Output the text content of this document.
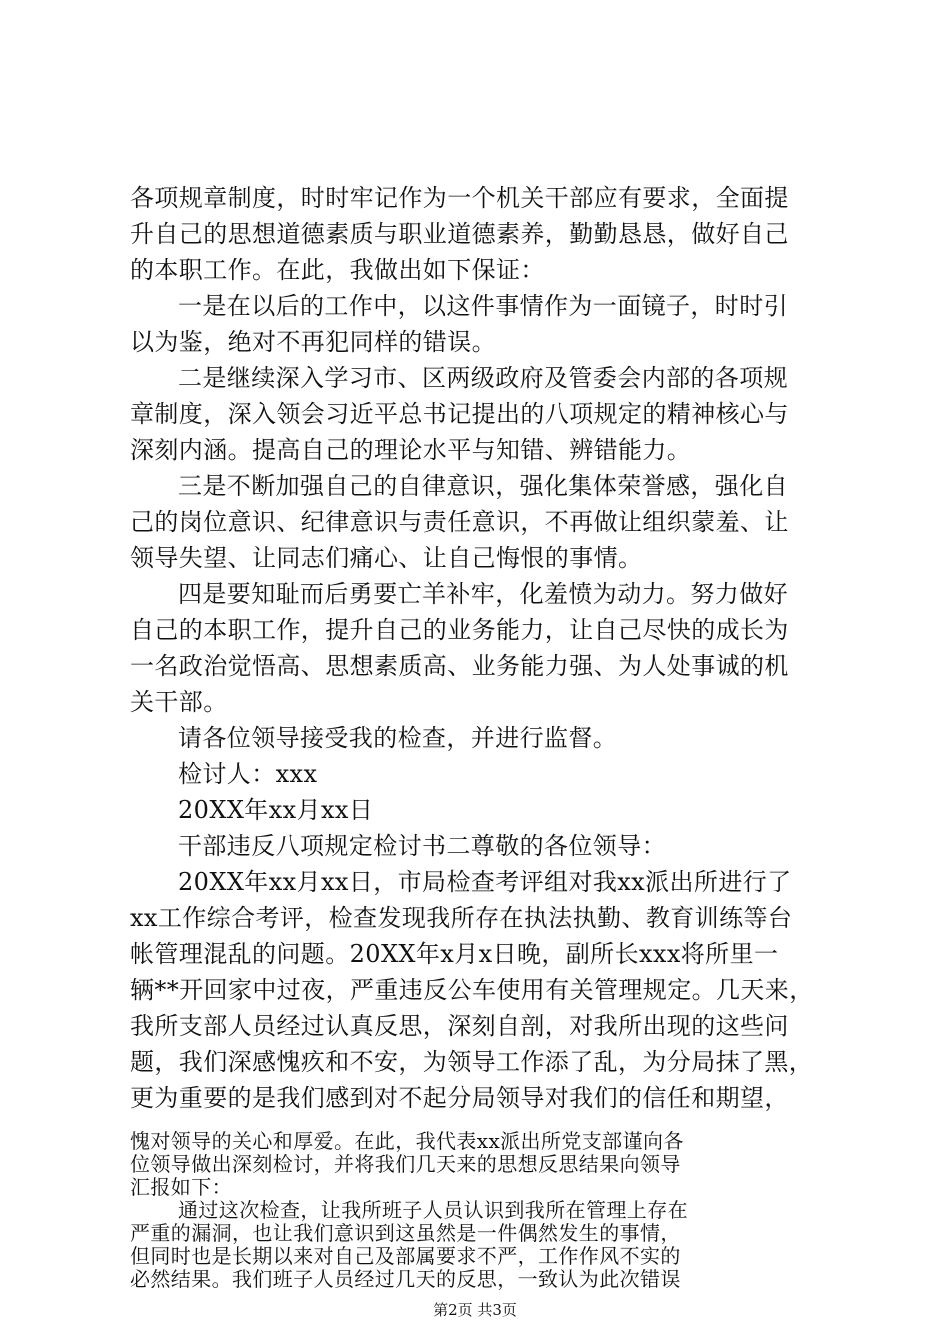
各项规章制度，时时牢记作为一个机关干部应有要求，全面提
升自己的思想道德素质与职业道德素养，勤勤恳恳，做好自己
的本职工作。在此，我做出如下保证：
一是在以后的工作中，以这件事情作为一面镜子，时时引
以为鉴，绝对不再犯同样的错误。
二是继续深入学习市、区两级政府及管委会内部的各项规
章制度，深入领会习近平总书记提出的八项规定的精神核心与
深刻内涵。提高自己的理论水平与知错、辨错能力。
三是不断加强自己的自律意识，强化集体荣誉感，强化自
己的岗位意识、纪律意识与责任意识，不再做让组织蒙羞、让
领导失望、让同志们痛心、让自己悔恨的事情。
四是要知耻而后勇要亡羊补牢，化羞愤为动力。努力做好
自己的本职工作，提升自己的业务能力，让自己尽快的成长为
一名政治觉悟高、思想素质高、业务能力强、为人处事诚的机
关干部。
请各位领导接受我的检查，并进行监督。
检讨人：xxx
20XX年xx月xx日
干部违反八项规定检讨书二尊敬的各位领导：
20XX年xx月xx日，市局检查考评组对我xx派出所进行了
xx工作综合考评，检查发现我所存在执法执勤、教育训练等台
帐管理混乱的问题。20XX年x月x日晚，副所长xxx将所里一
辆**开回家中过夜，严重违反公车使用有关管理规定。几天来，
我所支部人员经过认真反思，深刻自剖，对我所出现的这些问
题，我们深感愧疚和不安，为领导工作添了乱，为分局抹了黑，
更为重要的是我们感到对不起分局领导对我们的信任和期望，
愧对领导的关心和厚爱。在此，我代表xx派出所党支部谨向各
位领导做出深刻检讨，并将我们几天来的思想反思结果向领导
汇报如下：
通过这次检查，让我所班子人员认识到我所在管理上存在
严重的漏洞，也让我们意识到这虽然是一件偶然发生的事情，
第2页 共3页
但同时也是长期以来对自己及部属要求不严，工作作风不实的
必然结果。我们班子人员经过几天的反思，一致认为此次错误
